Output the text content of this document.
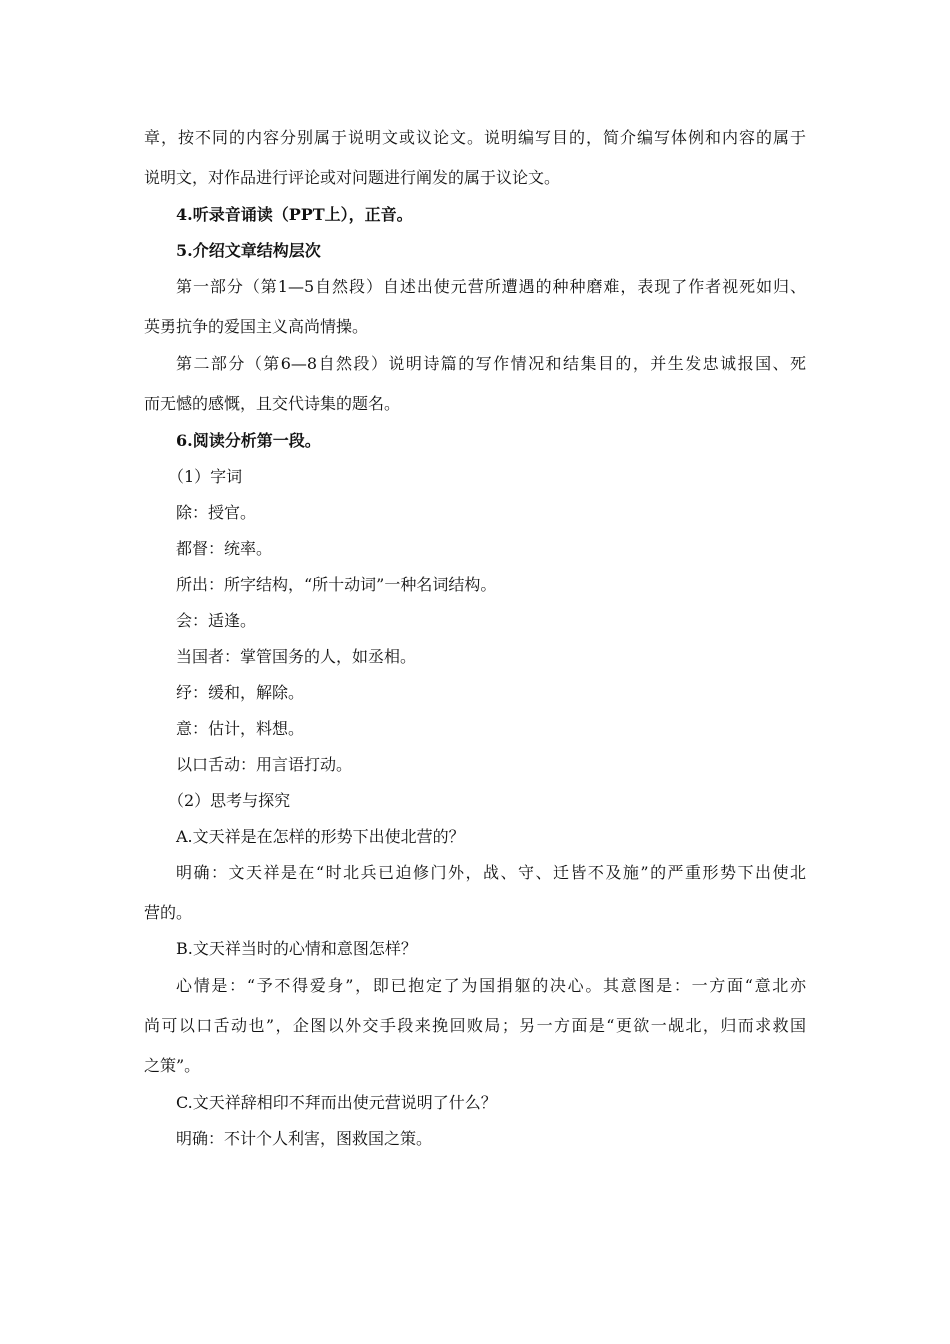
章，按不同的内容分别属于说明文或议论文。说明编写目的，简介编写体例和内容的属于
说明文，对作品进行评论或对问题进行阐发的属于议论文。
4.听录音诵读（PPT上），正音。
5.介绍文章结构层次
第一部分（第1—5自然段）自述出使元营所遭遇的种种磨难，表现了作者视死如归、
英勇抗争的爱国主义高尚情操。
第二部分（第6—8自然段）说明诗篇的写作情况和结集目的，并生发忠诚报国、死
而无憾的感慨，且交代诗集的题名。
6.阅读分析第一段。
（1）字词
除：授官。
都督：统率。
所出：所字结构，“所十动词”一种名词结构。
会：适逢。
当国者：掌管国务的人，如丞相。
纾：缓和，解除。
意：估计，料想。
以口舌动：用言语打动。
（2）思考与探究
A.文天祥是在怎样的形势下出使北营的？
明确：文天祥是在“时北兵已迫修门外，战、守、迁皆不及施”的严重形势下出使北
营的。
B.文天祥当时的心情和意图怎样？
心情是：“予不得爱身”，即已抱定了为国捐躯的决心。其意图是：一方面“意北亦
尚可以口舌动也”，企图以外交手段来挽回败局；另一方面是“更欲一觇北，归而求救国
之策”。
C.文天祥辞相印不拜而出使元营说明了什么？
明确：不计个人利害，图救国之策。
